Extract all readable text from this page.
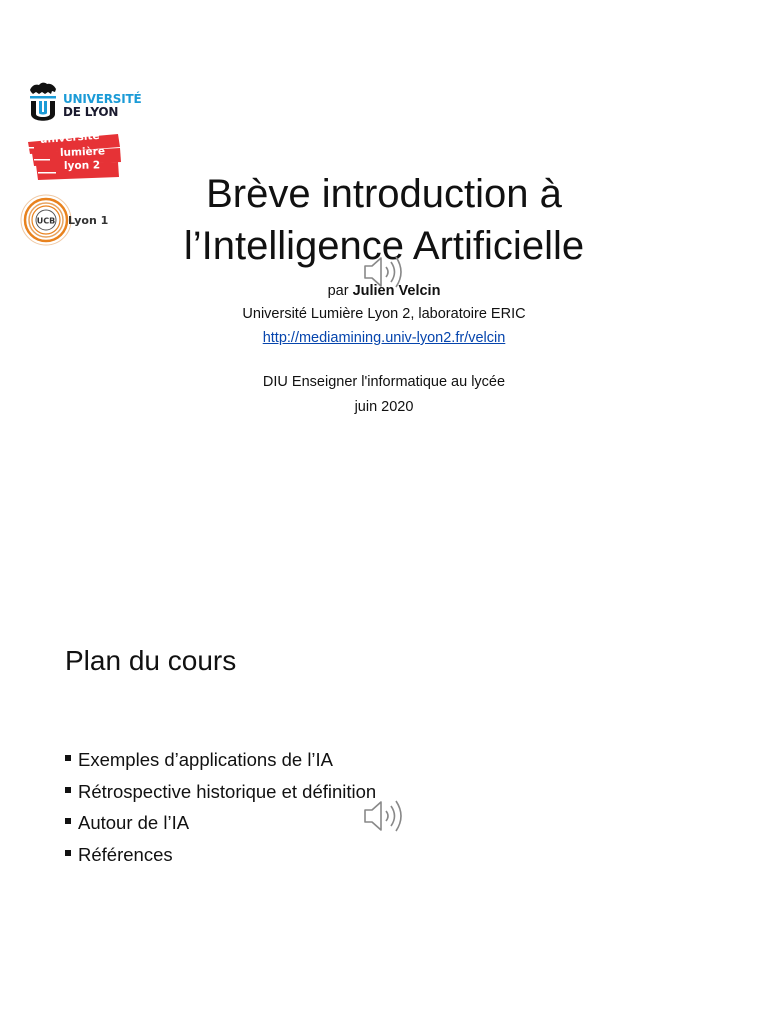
UNIVERSITÉ
DE LYON
université
lumière
lyon 2
UCB Lyon 1
Brève introduction à
l’Intelligence Artificielle
par Julien Velcin
Université Lumière Lyon 2, laboratoire ERIC
http://mediamining.univ-lyon2.fr/velcin
DIU Enseigner l'informatique au lycée
juin 2020
Plan du cours
Exemples d’applications de l’IA
Rétrospective historique et définition
Autour de l’IA
Références
